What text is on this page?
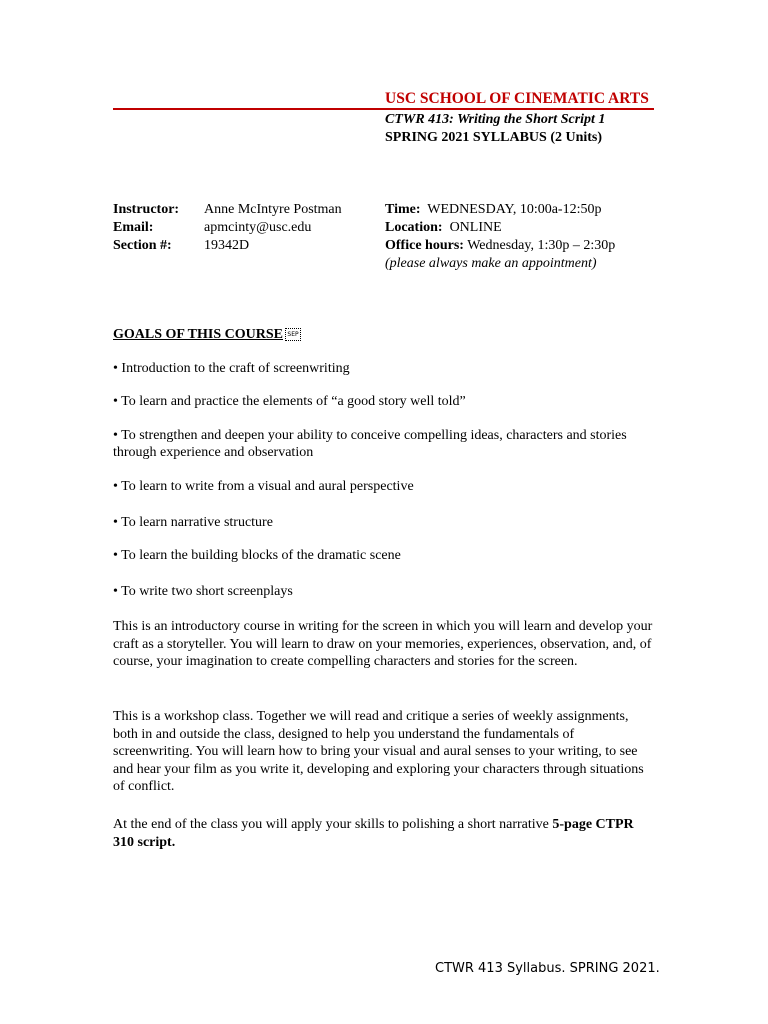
USC SCHOOL OF CINEMATIC ARTS
CTWR 413: Writing the Short Script 1
SPRING 2021 SYLLABUS (2 Units)
Instructor: Anne McIntyre Postman
Email:	apmcinty@usc.edu
Section #: 19342D
Time: WEDNESDAY, 10:00a-12:50p
Location: ONLINE
Office hours: Wednesday, 1:30p – 2:30p
(please always make an appointment)
GOALS OF THIS COURSE SEP
• Introduction to the craft of screenwriting
• To learn and practice the elements of “a good story well told”
• To strengthen and deepen your ability to conceive compelling ideas, characters and stories through experience and observation
• To learn to write from a visual and aural perspective
• To learn narrative structure
• To learn the building blocks of the dramatic scene
• To write two short screenplays
This is an introductory course in writing for the screen in which you will learn and develop your craft as a storyteller. You will learn to draw on your memories, experiences, observation, and, of course, your imagination to create compelling characters and stories for the screen.
This is a workshop class. Together we will read and critique a series of weekly assignments, both in and outside the class, designed to help you understand the fundamentals of screenwriting. You will learn how to bring your visual and aural senses to your writing, to see and hear your film as you write it, developing and exploring your characters through situations of conflict.
At the end of the class you will apply your skills to polishing a short narrative 5-page CTPR 310 script.
CTWR 413 Syllabus. SPRING 2021.
